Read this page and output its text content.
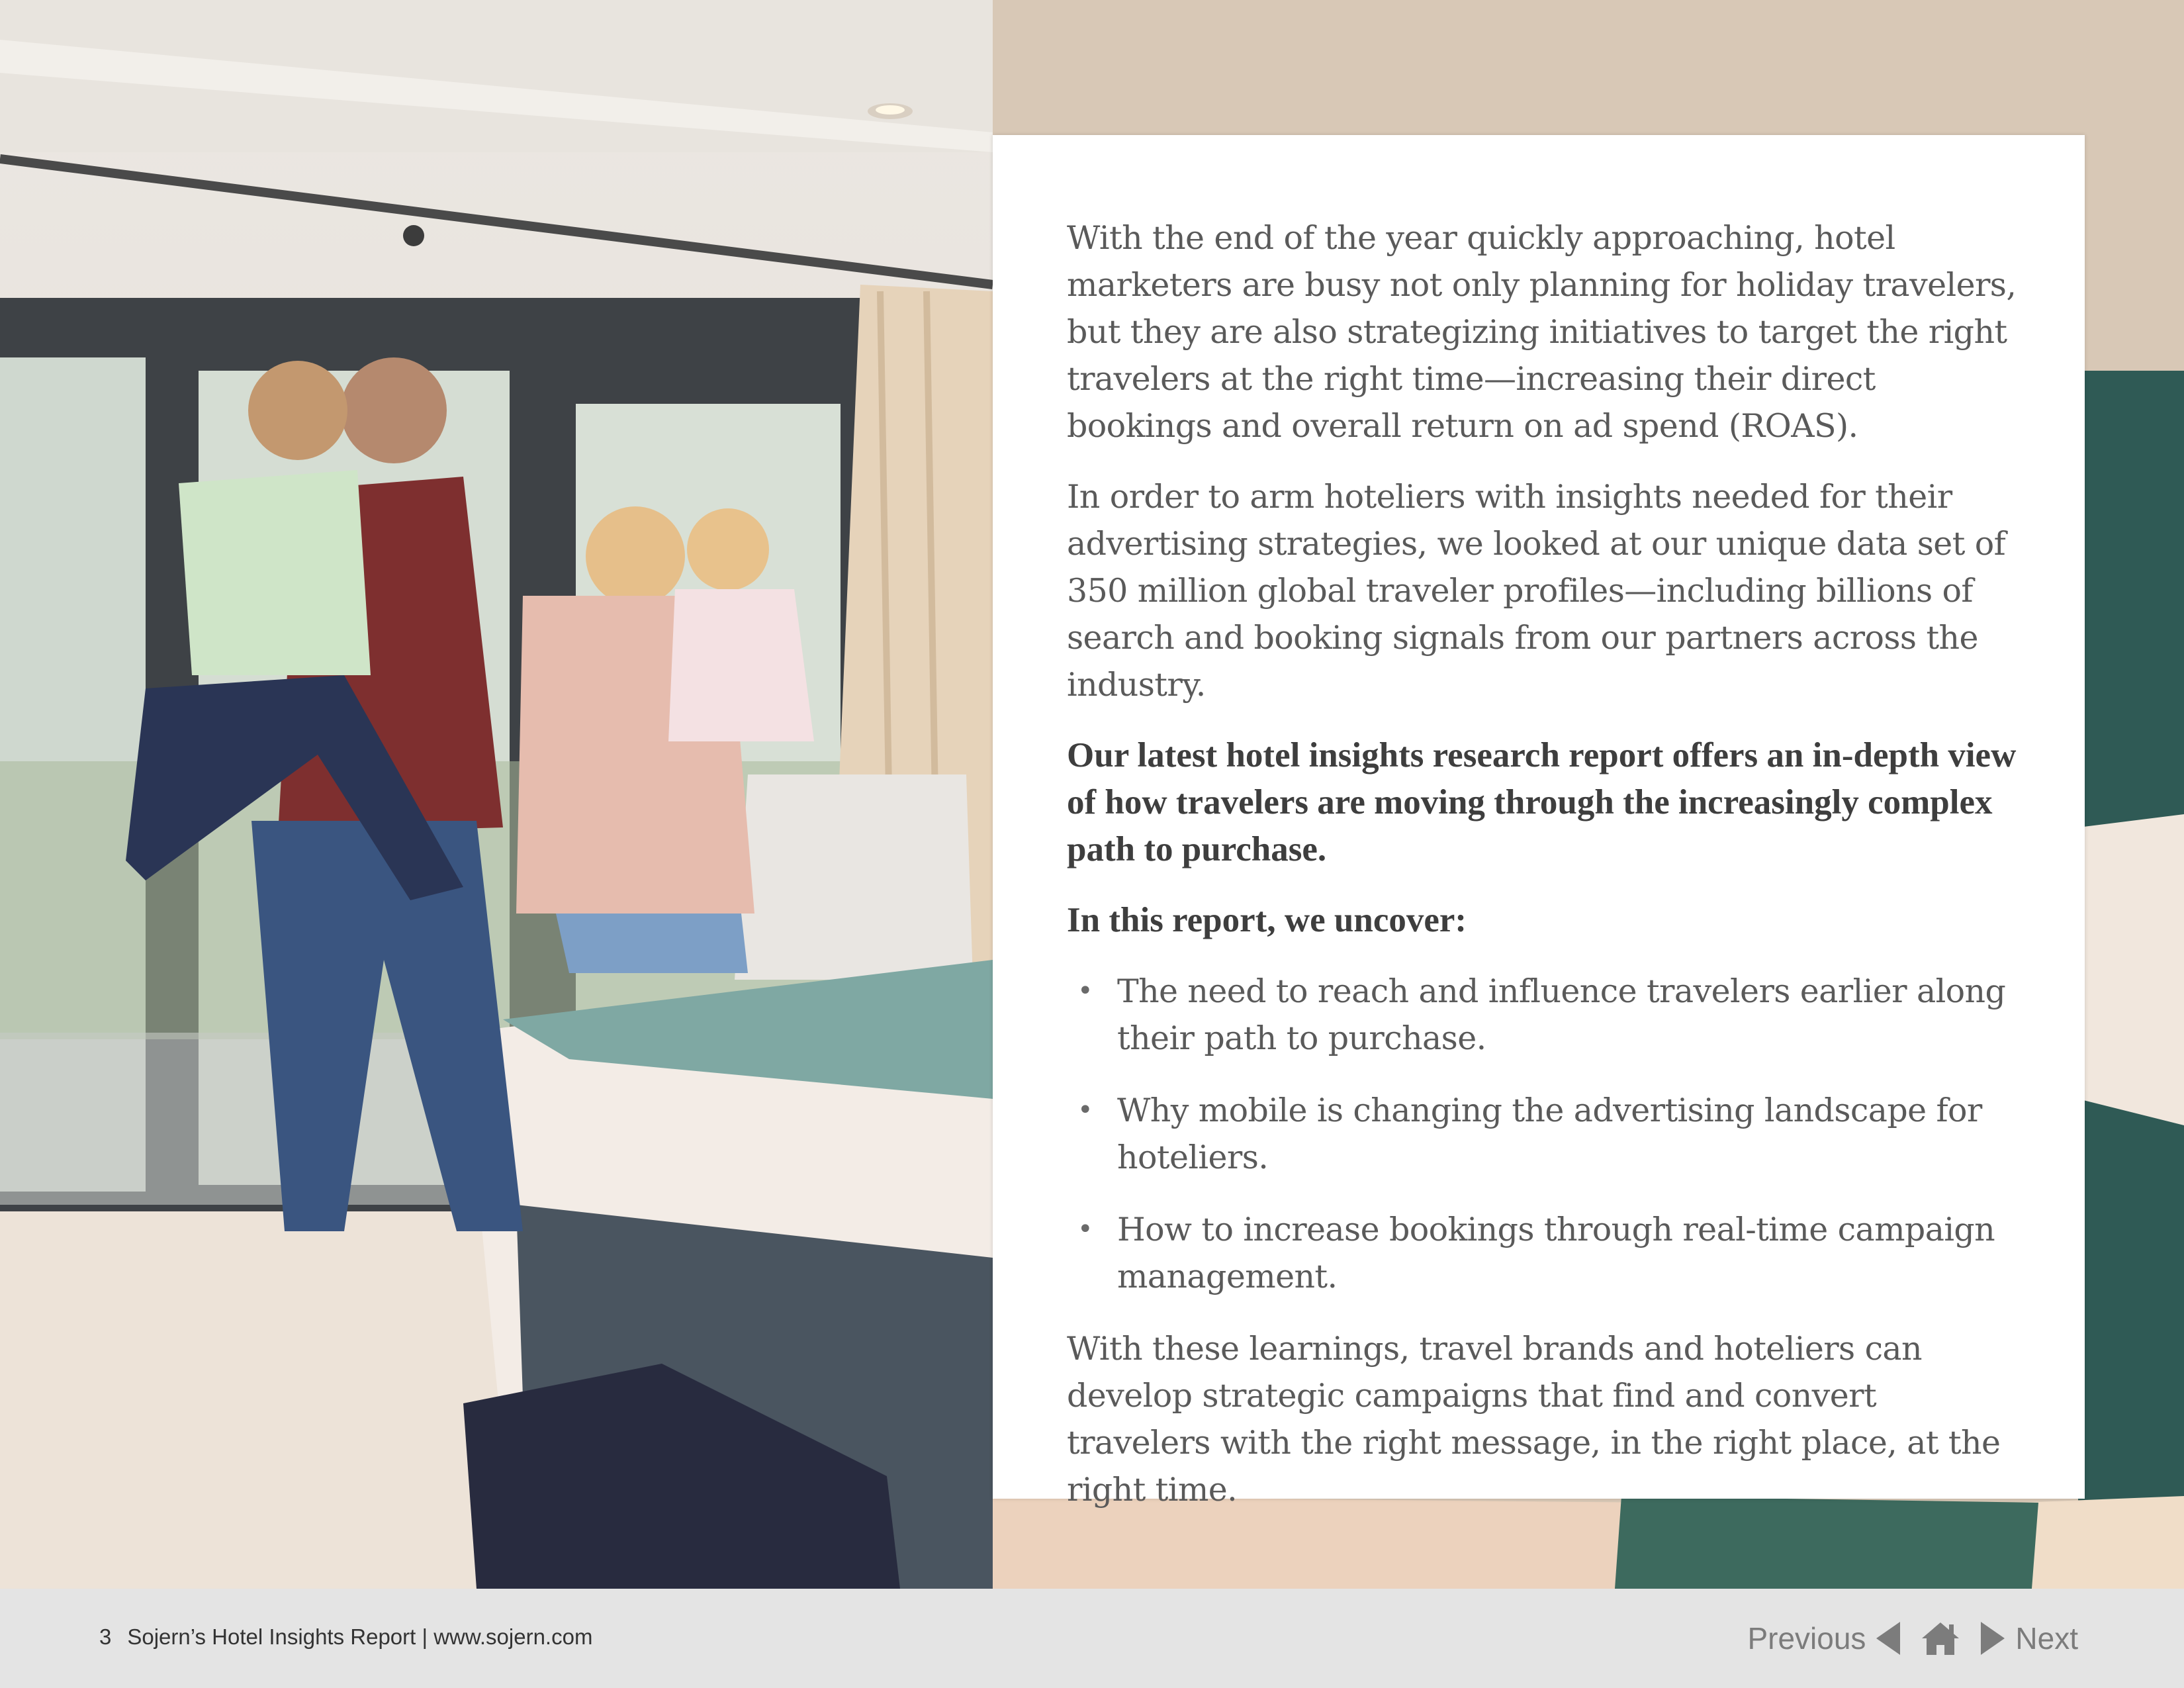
With the end of the year quickly approaching, hotel marketers are busy not only planning for holiday travelers, but they are also strategizing initiatives to target the right travelers at the right time—increasing their direct bookings and overall return on ad spend (ROAS).

In order to arm hoteliers with insights needed for their advertising strategies, we looked at our unique data set of 350 million global traveler profiles—including billions of search and booking signals from our partners across the industry.

Our latest hotel insights research report offers an in-depth view of how travelers are moving through the increasingly complex path to purchase.

In this report, we uncover:

• The need to reach and influence travelers earlier along their path to purchase.
• Why mobile is changing the advertising landscape for hoteliers.
• How to increase bookings through real-time campaign management.

With these learnings, travel brands and hoteliers can develop strategic campaigns that find and convert travelers with the right message, in the right place, at the right time.

3 Sojern’s Hotel Insights Report | www.sojern.com	Previous	Next
